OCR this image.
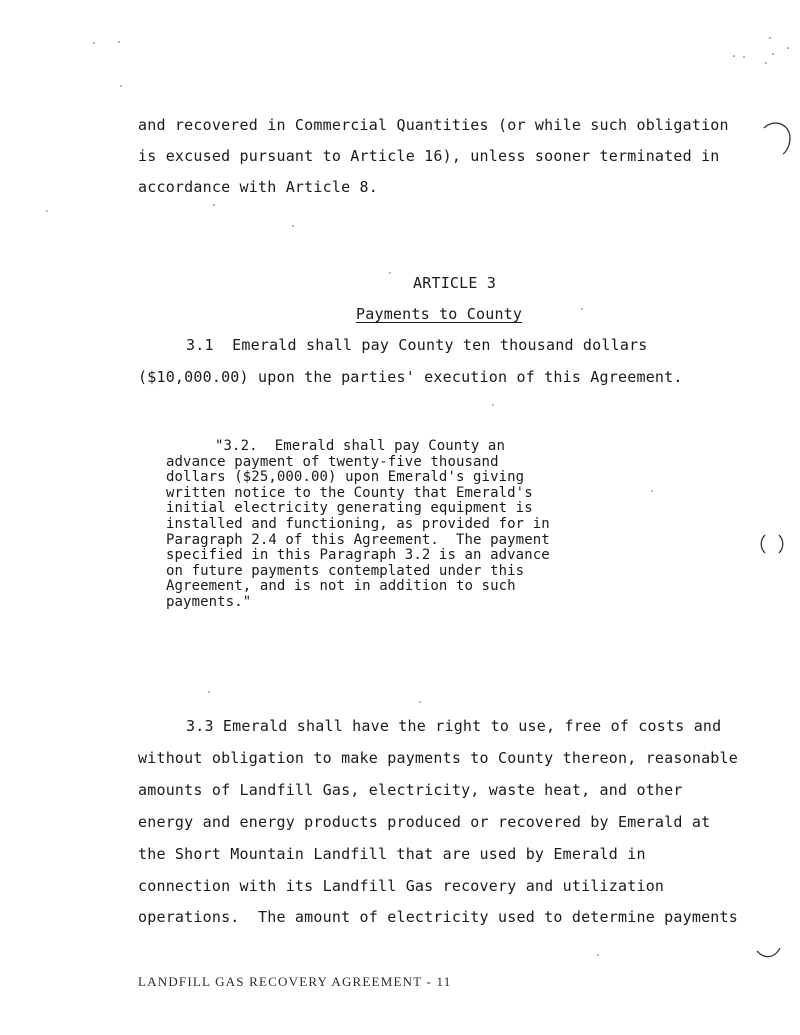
and recovered in Commercial Quantities (or while such obligation
is excused pursuant to Article 16), unless sooner terminated in
accordance with Article 8.
ARTICLE 3
Payments to County
3.1  Emerald shall pay County ten thousand dollars
($10,000.00) upon the parties' execution of this Agreement.
"3.2.  Emerald shall pay County an
advance payment of twenty-five thousand
dollars ($25,000.00) upon Emerald's giving
written notice to the County that Emerald's
initial electricity generating equipment is
installed and functioning, as provided for in
Paragraph 2.4 of this Agreement.  The payment
specified in this Paragraph 3.2 is an advance
on future payments contemplated under this
Agreement, and is not in addition to such
payments."
3.3 Emerald shall have the right to use, free of costs and
without obligation to make payments to County thereon, reasonable
amounts of Landfill Gas, electricity, waste heat, and other
energy and energy products produced or recovered by Emerald at
the Short Mountain Landfill that are used by Emerald in
connection with its Landfill Gas recovery and utilization
operations.  The amount of electricity used to determine payments
LANDFILL GAS RECOVERY AGREEMENT - 11
